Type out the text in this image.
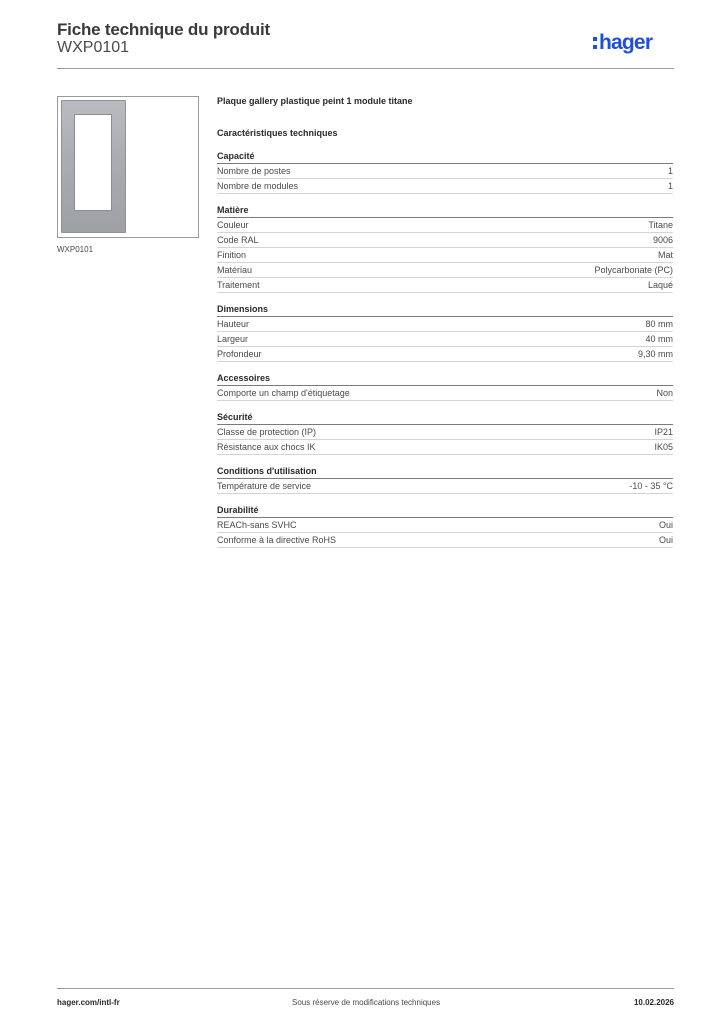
Fiche technique du produit
WXP0101	hager
WXP0101
Plaque gallery plastique peint 1 module titane
Caractéristiques techniques
Capacité
Nombre de postes	1
Nombre de modules	1
Matière
Couleur	Titane
Code RAL	9006
Finition	Mat
Matériau	Polycarbonate (PC)
Traitement	Laqué
Dimensions
Hauteur	80 mm
Largeur	40 mm
Profondeur	9,30 mm
Accessoires
Comporte un champ d'étiquetage	Non
Sécurité
Classe de protection (IP)	IP21
Résistance aux chocs IK	IK05
Conditions d'utilisation
Température de service	-10 - 35 °C
Durabilité
REACh-sans SVHC	Oui
Conforme à la directive RoHS	Oui
hager.com/intl-fr	Sous réserve de modifications techniques	10.02.2026
